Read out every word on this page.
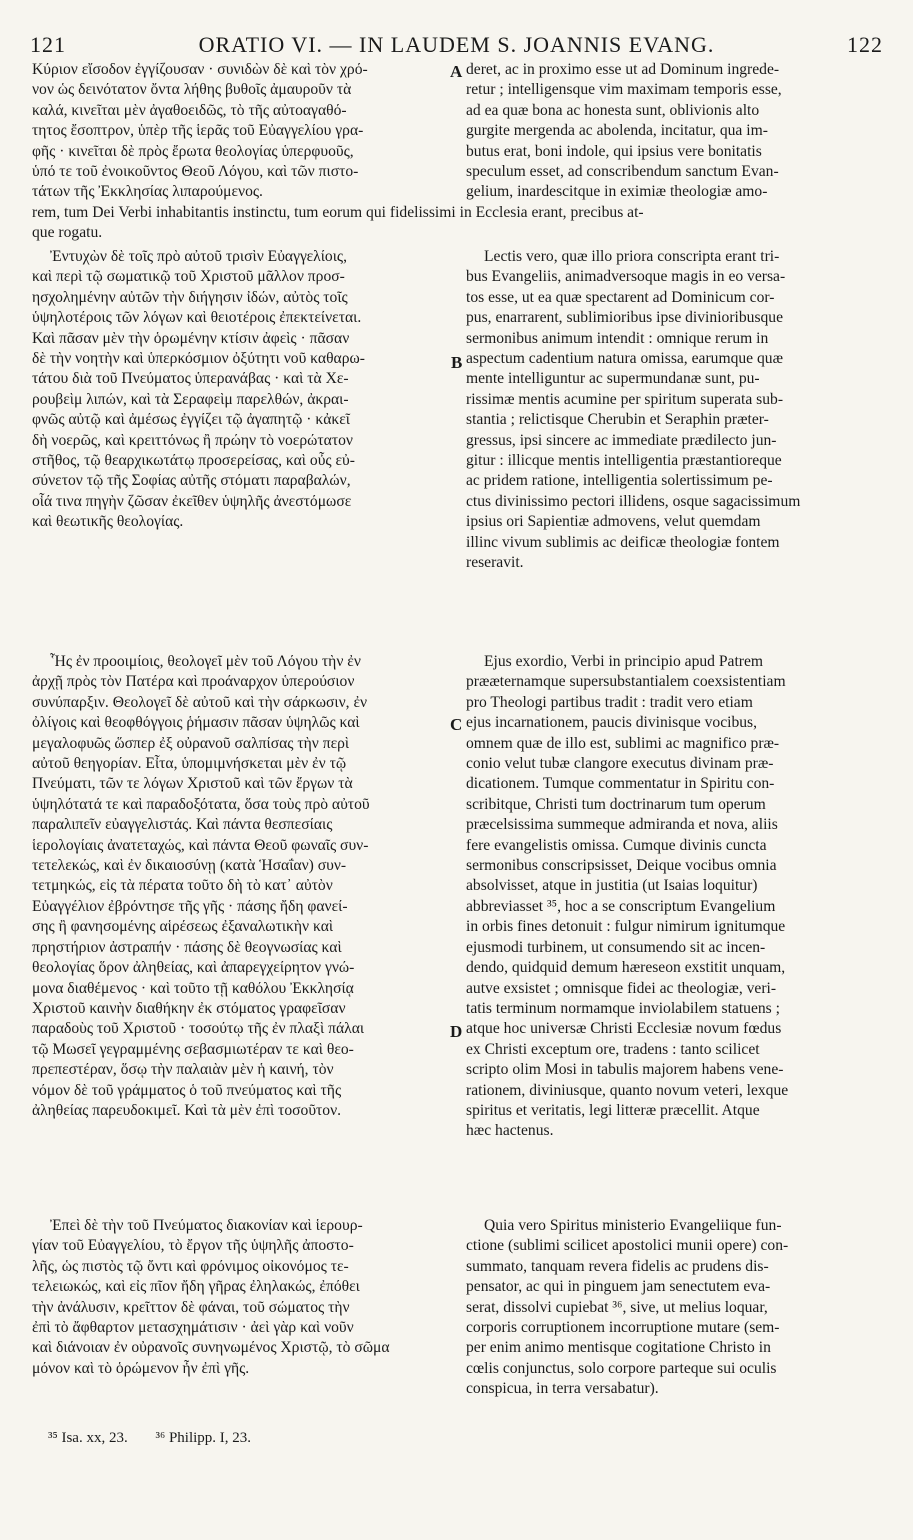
121	ORATIO VI. — IN LAUDEM S. JOANNIS EVANG.	122

Κύριον εἴσοδον ἐγγίζουσαν · συνιδὼν δὲ καὶ τὸν χρό-

νον ὡς δεινότατον ὄντα λήθης βυθοῖς ἀμαυροῦν τὰ

καλά, κινεῖται μὲν ἀγαθοειδῶς, τὸ τῆς αὐτοαγαθό-

τητος ἔσοπτρον, ὑπὲρ τῆς ἱερᾶς τοῦ Εὐαγγελίου γρα-

φῆς · κινεῖται δὲ πρὸς ἔρωτα θεολογίας ὑπερφυοῦς,

ὑπό τε τοῦ ἐνοικοῦντος Θεοῦ Λόγου, καὶ τῶν πιστο-

τάτων τῆς Ἐκκλησίας λιπαρούμενος.

deret, ac in proximo esse ut ad Dominum ingrede-

retur ; intelligensque vim maximam temporis esse,

ad ea quæ bona ac honesta sunt, oblivionis alto

gurgite mergenda ac abolenda, incitatur, qua im-

butus erat, boni indole, qui ipsius vere bonitatis

speculum esset, ad conscribendum sanctum Evan-

gelium, inardescitque in eximiæ theologiæ amo-

rem, tum Dei Verbi inhabitantis instinctu, tum eorum qui fidelissimi in Ecclesia erant, precibus at-

que rogatu.

Ἐντυχὼν δὲ τοῖς πρὸ αὐτοῦ τρισὶν Εὐαγγελίοις,

καὶ περὶ τῷ σωματικῷ τοῦ Χριστοῦ μᾶλλον προσ-

ησχολημένην αὐτῶν τὴν διήγησιν ἰδών, αὐτὸς τοῖς

ὑψηλοτέροις τῶν λόγων καὶ θειοτέροις ἐπεκτείνεται.

Καὶ πᾶσαν μὲν τὴν ὁρωμένην κτίσιν ἀφεὶς · πᾶσαν

δὲ τὴν νοητὴν καὶ ὑπερκόσμιον ὀξύτητι νοῦ καθαρω-

τάτου διὰ τοῦ Πνεύματος ὑπερανάβας · καὶ τὰ Χε-

ρουβεὶμ λιπών, καὶ τὰ Σεραφεὶμ παρελθών, ἀκραι-

φνῶς αὐτῷ καὶ ἀμέσως ἐγγίζει τῷ ἀγαπητῷ · κἀκεῖ

δὴ νοερῶς, καὶ κρειττόνως ἢ πρώην τὸ νοερώτατον

στῆθος, τῷ θεαρχικωτάτῳ προσερείσας, καὶ οὖς εὐ-

σύνετον τῷ τῆς Σοφίας αὐτῆς στόματι παραβαλών,

οἷά τινα πηγὴν ζῶσαν ἐκεῖθεν ὑψηλῆς ἀνεστόμωσε

καὶ θεωτικῆς θεολογίας.

Lectis vero, quæ illo priora conscripta erant tri-

bus Evangeliis, animadversoque magis in eo versa-

tos esse, ut ea quæ spectarent ad Dominicum cor-

pus, enarrarent, sublimioribus ipse divinioribusque

sermonibus animum intendit : omnique rerum in

aspectum cadentium natura omissa, earumque quæ

mente intelliguntur ac supermundanæ sunt, pu-

rissimæ mentis acumine per spiritum superata sub-

stantia ; relictisque Cherubin et Seraphin præter-

gressus, ipsi sincere ac immediate prædilecto jun-

gitur : illicque mentis intelligentia præstantioreque

ac pridem ratione, intelligentia solertissimum pe-

ctus divinissimo pectori illidens, osque sagacissimum

ipsius ori Sapientiæ admovens, velut quemdam

illinc vivum sublimis ac deificæ theologiæ fontem

reseravit.

Ἧς ἐν προοιμίοις, θεολογεῖ μὲν τοῦ Λόγου τὴν ἐν

ἀρχῇ πρὸς τὸν Πατέρα καὶ προάναρχον ὑπερούσιον

συνύπαρξιν. Θεολογεῖ δὲ αὐτοῦ καὶ τὴν σάρκωσιν, ἐν

ὀλίγοις καὶ θεοφθόγγοις ῥήμασιν πᾶσαν ὑψηλῶς καὶ

μεγαλοφυῶς ὥσπερ ἐξ οὐρανοῦ σαλπίσας τὴν περὶ

αὐτοῦ θεηγορίαν. Εἶτα, ὑπομιμνήσκεται μὲν ἐν τῷ

Πνεύματι, τῶν τε λόγων Χριστοῦ καὶ τῶν ἔργων τὰ

ὑψηλότατά τε καὶ παραδοξότατα, ὅσα τοὺς πρὸ αὐτοῦ

παραλιπεῖν εὐαγγελιστάς. Καὶ πάντα θεσπεσίαις

ἱερολογίαις ἀνατεταχώς, καὶ πάντα Θεοῦ φωναῖς συν-

τετελεκώς, καὶ ἐν δικαιοσύνῃ (κατὰ Ἡσαΐαν) συν-

τετμηκώς, εἰς τὰ πέρατα τοῦτο δὴ τὸ κατ᾽ αὐτὸν

Εὐαγγέλιον ἐβρόντησε τῆς γῆς · πάσης ἤδη φανεί-

σης ἢ φανησομένης αἱρέσεως ἐξαναλωτικὴν καὶ

πρηστήριον ἀστραπήν · πάσης δὲ θεογνωσίας καὶ

θεολογίας ὅρον ἀληθείας, καὶ ἀπαρεγχείρητον γνώ-

μονα διαθέμενος · καὶ τοῦτο τῇ καθόλου Ἐκκλησίᾳ

Χριστοῦ καινὴν διαθήκην ἐκ στόματος γραφεῖσαν

παραδοὺς τοῦ Χριστοῦ · τοσούτῳ τῆς ἐν πλαξὶ πάλαι

τῷ Μωσεῖ γεγραμμένης σεβασμιωτέραν τε καὶ θεο-

πρεπεστέραν, ὅσῳ τὴν παλαιὰν μὲν ἡ καινή, τὸν

νόμον δὲ τοῦ γράμματος ὁ τοῦ πνεύματος καὶ τῆς

ἀληθείας παρευδοκιμεῖ. Καὶ τὰ μὲν ἐπὶ τοσοῦτον.

Ejus exordio, Verbi in principio apud Patrem

prææternamque supersubstantialem coexsistentiam

pro Theologi partibus tradit : tradit vero etiam

ejus incarnationem, paucis divinisque vocibus,

omnem quæ de illo est, sublimi ac magnifico præ-

conio velut tubæ clangore executus divinam præ-

dicationem. Tumque commentatur in Spiritu con-

scribitque, Christi tum doctrinarum tum operum

præcelsissima summeque admiranda et nova, aliis

fere evangelistis omissa. Cumque divinis cuncta

sermonibus conscripsisset, Deique vocibus omnia

absolvisset, atque in justitia (ut Isaias loquitur)

abbreviasset ³⁵, hoc a se conscriptum Evangelium

in orbis fines detonuit : fulgur nimirum ignitumque

ejusmodi turbinem, ut consumendo sit ac incen-

dendo, quidquid demum hæreseon exstitit unquam,

autve exsistet ; omnisque fidei ac theologiæ, veri-

tatis terminum normamque inviolabilem statuens ;

atque hoc universæ Christi Ecclesiæ novum fœdus

ex Christi exceptum ore, tradens : tanto scilicet

scripto olim Mosi in tabulis majorem habens vene-

rationem, diviniusque, quanto novum veteri, lexque

spiritus et veritatis, legi litteræ præcellit. Atque

hæc hactenus.

Ἐπεὶ δὲ τὴν τοῦ Πνεύματος διακονίαν καὶ ἱερουρ-

γίαν τοῦ Εὐαγγελίου, τὸ ἔργον τῆς ὑψηλῆς ἀποστο-

λῆς, ὡς πιστὸς τῷ ὄντι καὶ φρόνιμος οἰκονόμος τε-

τελειωκώς, καὶ εἰς πῖον ἤδη γῆρας ἐληλακώς, ἐπόθει

τὴν ἀνάλυσιν, κρεῖττον δὲ φάναι, τοῦ σώματος τὴν

ἐπὶ τὸ ἄφθαρτον μετασχημάτισιν · ἀεὶ γὰρ καὶ νοῦν

καὶ διάνοιαν ἐν οὐρανοῖς συνηνωμένος Χριστῷ, τὸ σῶμα

μόνον καὶ τὸ ὁρώμενον ἦν ἐπὶ γῆς.

Quia vero Spiritus ministerio Evangeliique fun-

ctione (sublimi scilicet apostolici munii opere) con-

summato, tanquam revera fidelis ac prudens dis-

pensator, ac qui in pinguem jam senectutem eva-

serat, dissolvi cupiebat ³⁶, sive, ut melius loquar,

corporis corruptionem incorruptione mutare (sem-

per enim animo mentisque cogitatione Christo in

cœlis conjunctus, solo corpore parteque sui oculis

conspicua, in terra versabatur).

A
B
C
D
³⁵ Isa. xx, 23. ³⁶ Philipp. I, 23.
